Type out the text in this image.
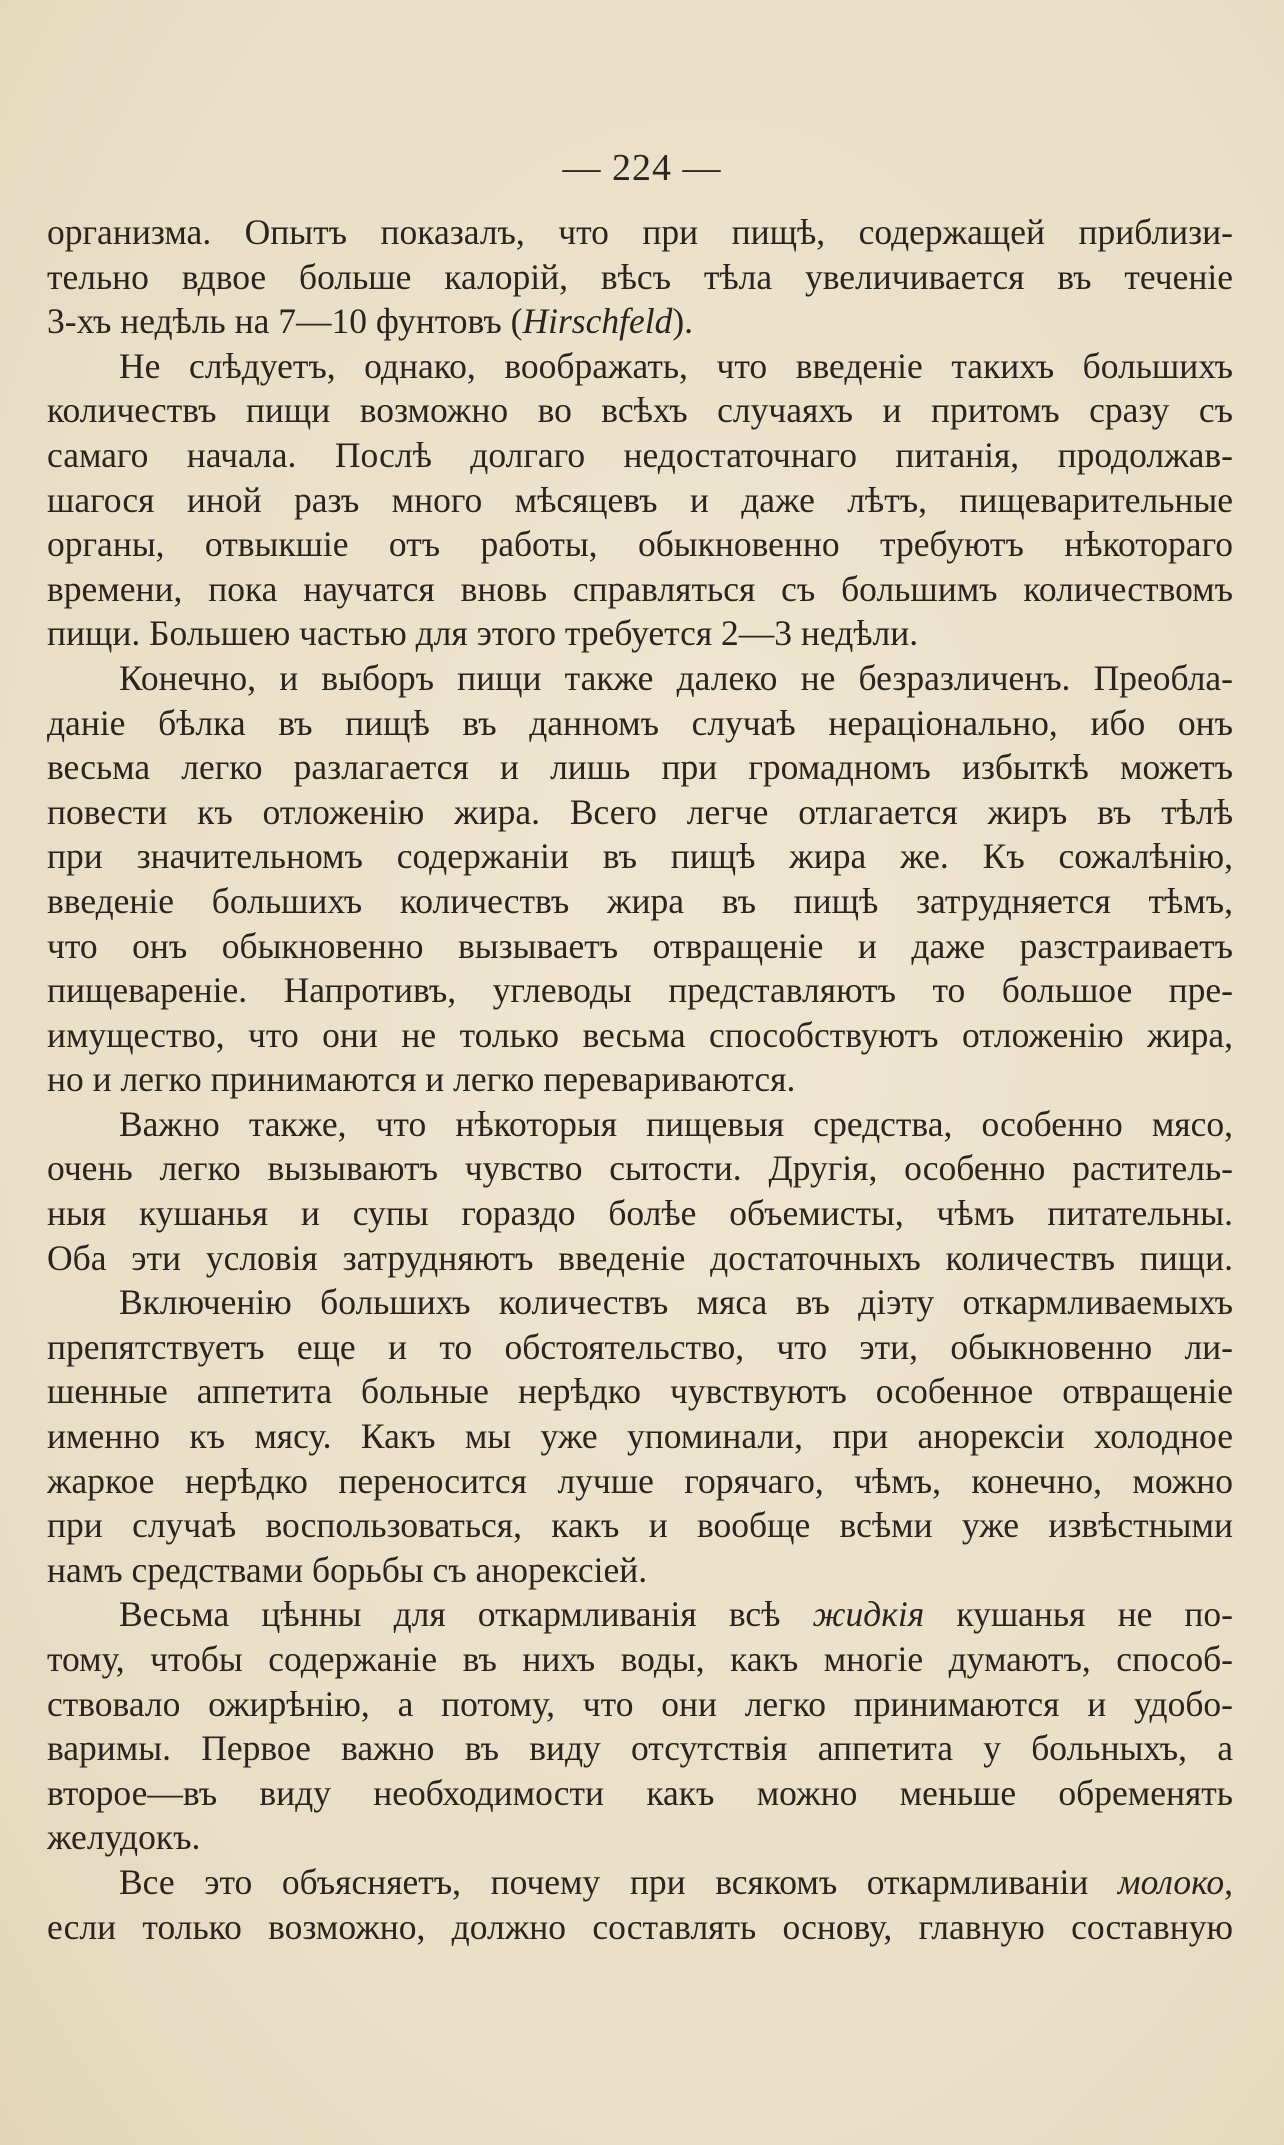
— 224 —
организма. Опытъ показалъ, что при пищѣ, содержащей приблизи-
тельно вдвое больше калорій, вѣсъ тѣла увеличивается въ теченіе
3-хъ недѣль на 7—10 фунтовъ (Hirschfeld).
Не слѣдуетъ, однако, воображать, что введеніе такихъ большихъ
количествъ пищи возможно во всѣхъ случаяхъ и притомъ сразу съ
самаго начала. Послѣ долгаго недостаточнаго питанія, продолжав-
шагося иной разъ много мѣсяцевъ и даже лѣтъ, пищеварительные
органы, отвыкшіе отъ работы, обыкновенно требуютъ нѣкотораго
времени, пока научатся вновь справляться съ большимъ количествомъ
пищи. Большею частью для этого требуется 2—3 недѣли.
Конечно, и выборъ пищи также далеко не безразличенъ. Преобла-
даніе бѣлка въ пищѣ въ данномъ случаѣ нераціонально, ибо онъ
весьма легко разлагается и лишь при громадномъ избыткѣ можетъ
повести къ отложенію жира. Всего легче отлагается жиръ въ тѣлѣ
при значительномъ содержаніи въ пищѣ жира же. Къ сожалѣнію,
введеніе большихъ количествъ жира въ пищѣ затрудняется тѣмъ,
что онъ обыкновенно вызываетъ отвращеніе и даже разстраиваетъ
пищевареніе. Напротивъ, углеводы представляютъ то большое пре-
имущество, что они не только весьма способствуютъ отложенію жира,
но и легко принимаются и легко перевариваются.
Важно также, что нѣкоторыя пищевыя средства, особенно мясо,
очень легко вызываютъ чувство сытости. Другія, особенно раститель-
ныя кушанья и супы гораздо болѣе объемисты, чѣмъ питательны.
Оба эти условія затрудняютъ введеніе достаточныхъ количествъ пищи.
Включенію большихъ количествъ мяса въ діэту откармливаемыхъ
препятствуетъ еще и то обстоятельство, что эти, обыкновенно ли-
шенные аппетита больные нерѣдко чувствуютъ особенное отвращеніе
именно къ мясу. Какъ мы уже упоминали, при анорексіи холодное
жаркое нерѣдко переносится лучше горячаго, чѣмъ, конечно, можно
при случаѣ воспользоваться, какъ и вообще всѣми уже извѣстными
намъ средствами борьбы съ анорексіей.
Весьма цѣнны для откармливанія всѣ жидкія кушанья не по-
тому, чтобы содержаніе въ нихъ воды, какъ многіе думаютъ, способ-
ствовало ожирѣнію, а потому, что они легко принимаются и удобо-
варимы. Первое важно въ виду отсутствія аппетита у больныхъ, а
второе—въ виду необходимости какъ можно меньше обременять
желудокъ.
Все это объясняетъ, почему при всякомъ откармливаніи молоко,
если только возможно, должно составлять основу, главную составную
